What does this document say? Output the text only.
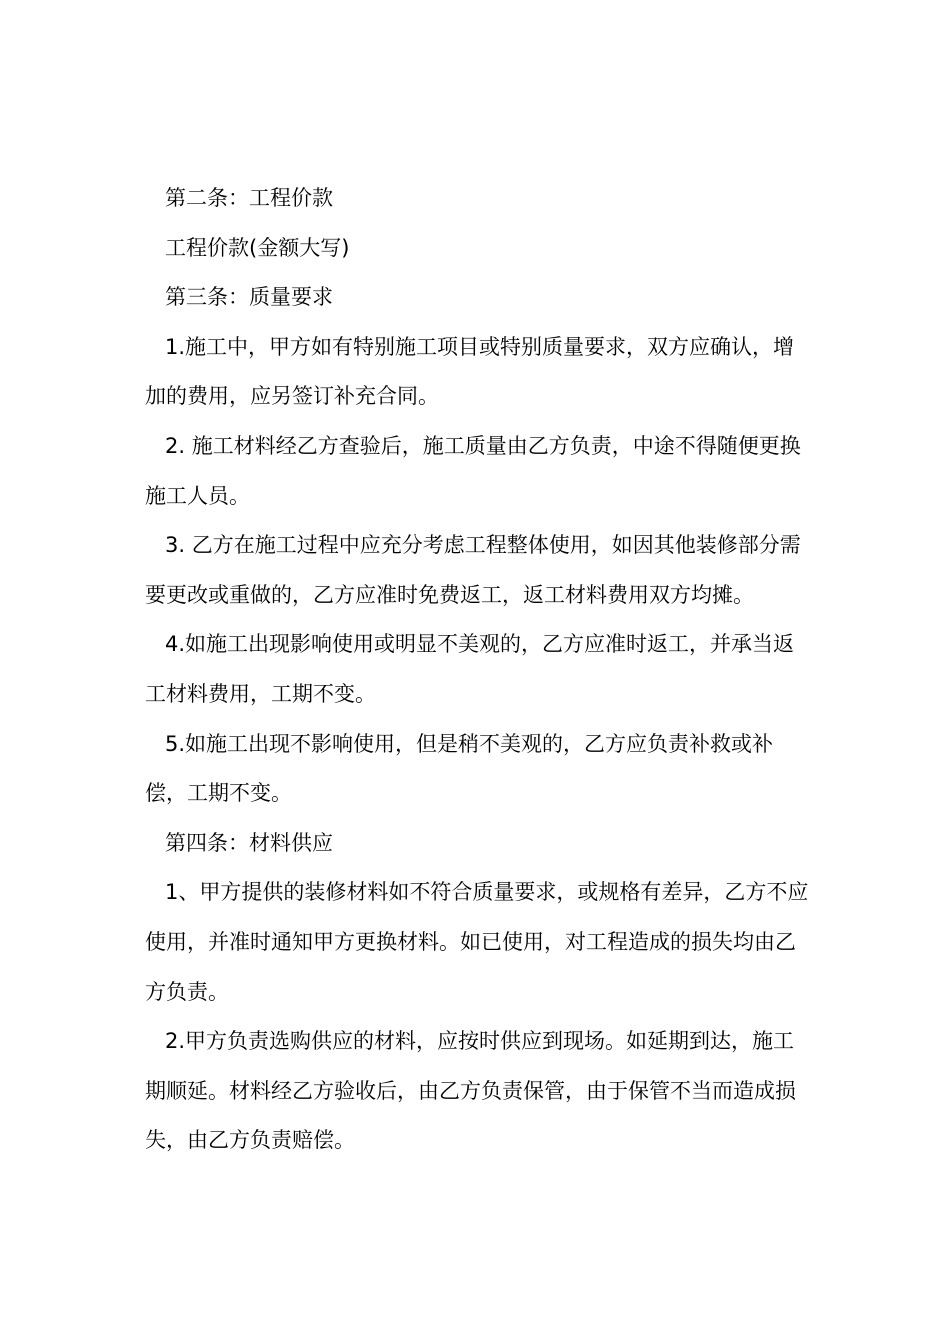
第二条：工程价款

工程价款(金额大写)

第三条：质量要求

1.施工中，甲方如有特别施工项目或特别质量要求，双方应确认，增加的费用，应另签订补充合同。

2. 施工材料经乙方查验后，施工质量由乙方负责，中途不得随便更换施工人员。

3. 乙方在施工过程中应充分考虑工程整体使用，如因其他装修部分需要更改或重做的，乙方应准时免费返工，返工材料费用双方均摊。

4.如施工出现影响使用或明显不美观的，乙方应准时返工，并承当返工材料费用，工期不变。

5.如施工出现不影响使用，但是稍不美观的，乙方应负责补救或补偿，工期不变。

第四条：材料供应

1、甲方提供的装修材料如不符合质量要求，或规格有差异，乙方不应使用，并准时通知甲方更换材料。如已使用，对工程造成的损失均由乙方负责。

2.甲方负责选购供应的材料，应按时供应到现场。如延期到达，施工期顺延。材料经乙方验收后，由乙方负责保管，由于保管不当而造成损失，由乙方负责赔偿。
